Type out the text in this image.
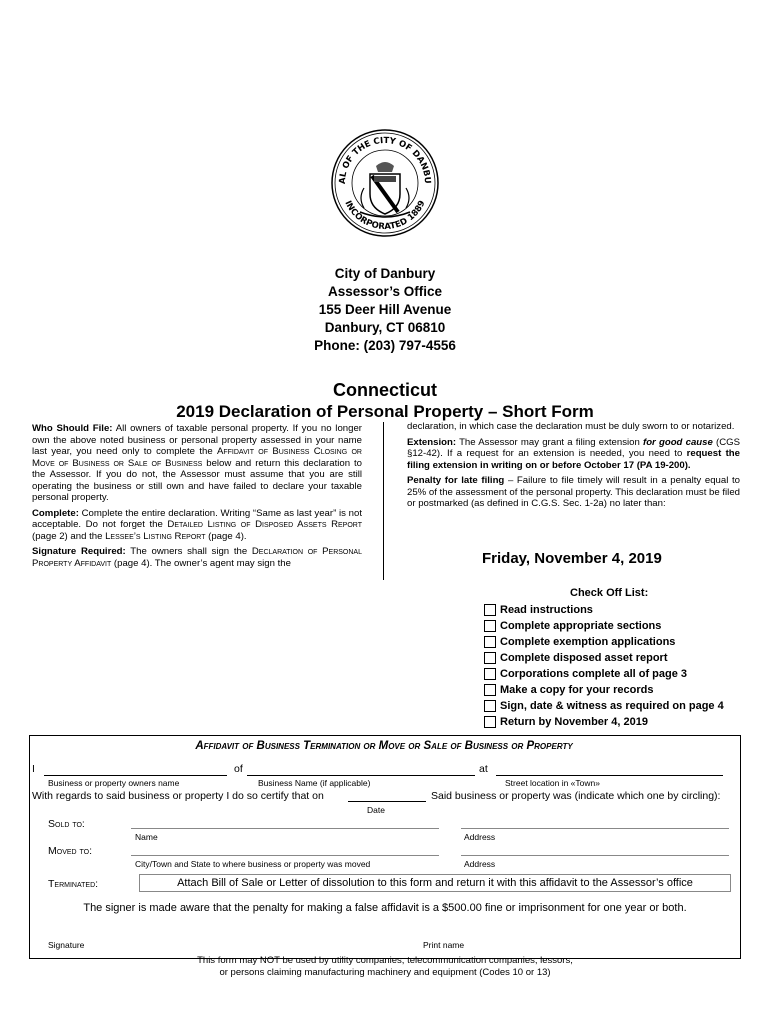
AL OF THE CITY OF DANBU
INCORPORATED 1889
City of Danbury
Assessor’s Office
155 Deer Hill Avenue
Danbury, CT 06810
Phone: (203) 797-4556
Connecticut
2019 Declaration of Personal Property – Short Form

Who Should File: All owners of taxable personal property. If you no longer own the above noted business or personal property assessed in your name last year, you need only to complete the Affidavit of Business Closing or Move of Business or Sale of Business below and return this declaration to the Assessor. If you do not, the Assessor must assume that you are still operating the business or still own and have failed to declare your taxable personal property.

Complete: Complete the entire declaration. Writing “Same as last year” is not acceptable. Do not forget the Detailed Listing of Disposed Assets Report (page 2) and the Lessee’s Listing Report (page 4).

Signature Required: The owners shall sign the Declaration of Personal Property Affidavit (page 4). The owner’s agent may sign the

declaration, in which case the declaration must be duly sworn to or notarized.

Extension: The Assessor may grant a filing extension for good cause (CGS §12-42). If a request for an extension is needed, you need to request the filing extension in writing on or before October 17 (PA 19-200).

Penalty for late filing – Failure to file timely will result in a penalty equal to 25% of the assessment of the personal property. This declaration must be filed or postmarked (as defined in C.G.S. Sec. 1-2a) no later than:

Friday, November 4, 2019
Check Off List:
Read instructions
Complete appropriate sections
Complete exemption applications
Complete disposed asset report
Corporations complete all of page 3
Make a copy for your records
Sign, date & witness as required on page 4
Return by November 4, 2019
Affidavit of Business Termination or Move or Sale of Business or Property
I	of	at
Business or property owners name	Business Name (if applicable)	Street location in «Town»
With regards to said business or property I do so certify that on	Said business or property was (indicate which one by circling):
Date
Sold to:
Name	Address
Moved to:
City/Town and State to where business or property was moved	Address
Terminated:	Attach Bill of Sale or Letter of dissolution to this form and return it with this affidavit to the Assessor’s office
The signer is made aware that the penalty for making a false affidavit is a $500.00 fine or imprisonment for one year or both.
Signature	Print name
This form may NOT be used by utility companies, telecommunication companies, lessors,
or persons claiming manufacturing machinery and equipment (Codes 10 or 13)
